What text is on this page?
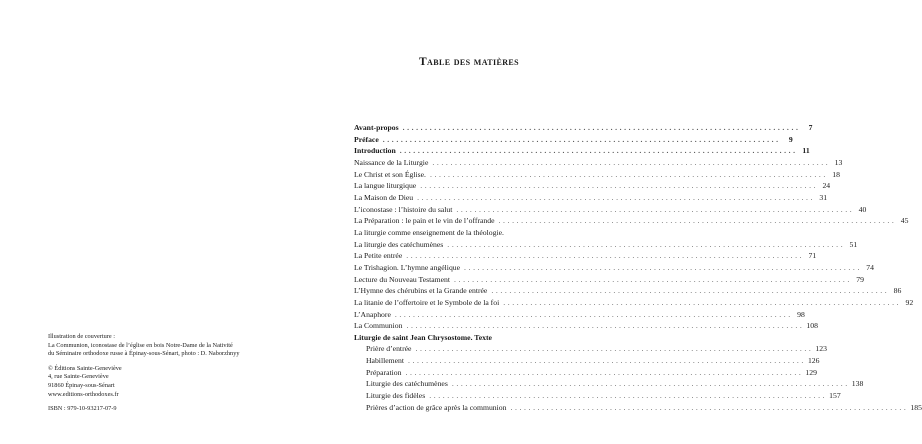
Illustration de couverture :
La Communion, iconostase de l’église en bois Notre-Dame de la Nativité
du Séminaire orthodoxe russe à Épinay-sous-Sénart, photo : D. Naborzhnyy
© Éditions Sainte-Geneviève
4, rue Sainte-Geneviève
91860 Épinay-sous-Sénart
www.editions-orthodoxes.fr
ISBN : 979-10-93217-07-9
Table des matières
Avant-propos ........................................................................................	7
Préface ........................................................................................	9
Introduction ........................................................................................ 11
Naissance de la Liturgie ........................................................................................ 13
Le Christ et son Église. ........................................................................................ 18
La langue liturgique ........................................................................................ 24
La Maison de Dieu ........................................................................................ 31
L’iconostase : l’histoire du salut ........................................................................................ 40
La Préparation : le pain et le vin de l’offrande ........................................................................................ 45
La liturgie comme enseignement de la théologie.
La liturgie des catéchumènes ........................................................................................ 51
La Petite entrée ........................................................................................ 71
Le Trishagion. L’hymne angélique ........................................................................................ 74
Lecture du Nouveau Testament ........................................................................................ 79
L’Hymne des chérubins et la Grande entrée ........................................................................................ 86
La litanie de l’offertoire et le Symbole de la foi ........................................................................................ 92
L’Anaphore ........................................................................................ 98
La Communion ........................................................................................ 108
Liturgie de saint Jean Chrysostome. Texte
Prière d’entrée ........................................................................................ 123
Habillement ........................................................................................ 126
Préparation ........................................................................................ 129
Liturgie des catéchumènes ........................................................................................ 138
Liturgie des fidèles ........................................................................................ 157
Prières d’action de grâce après la communion ........................................................................................ 185
